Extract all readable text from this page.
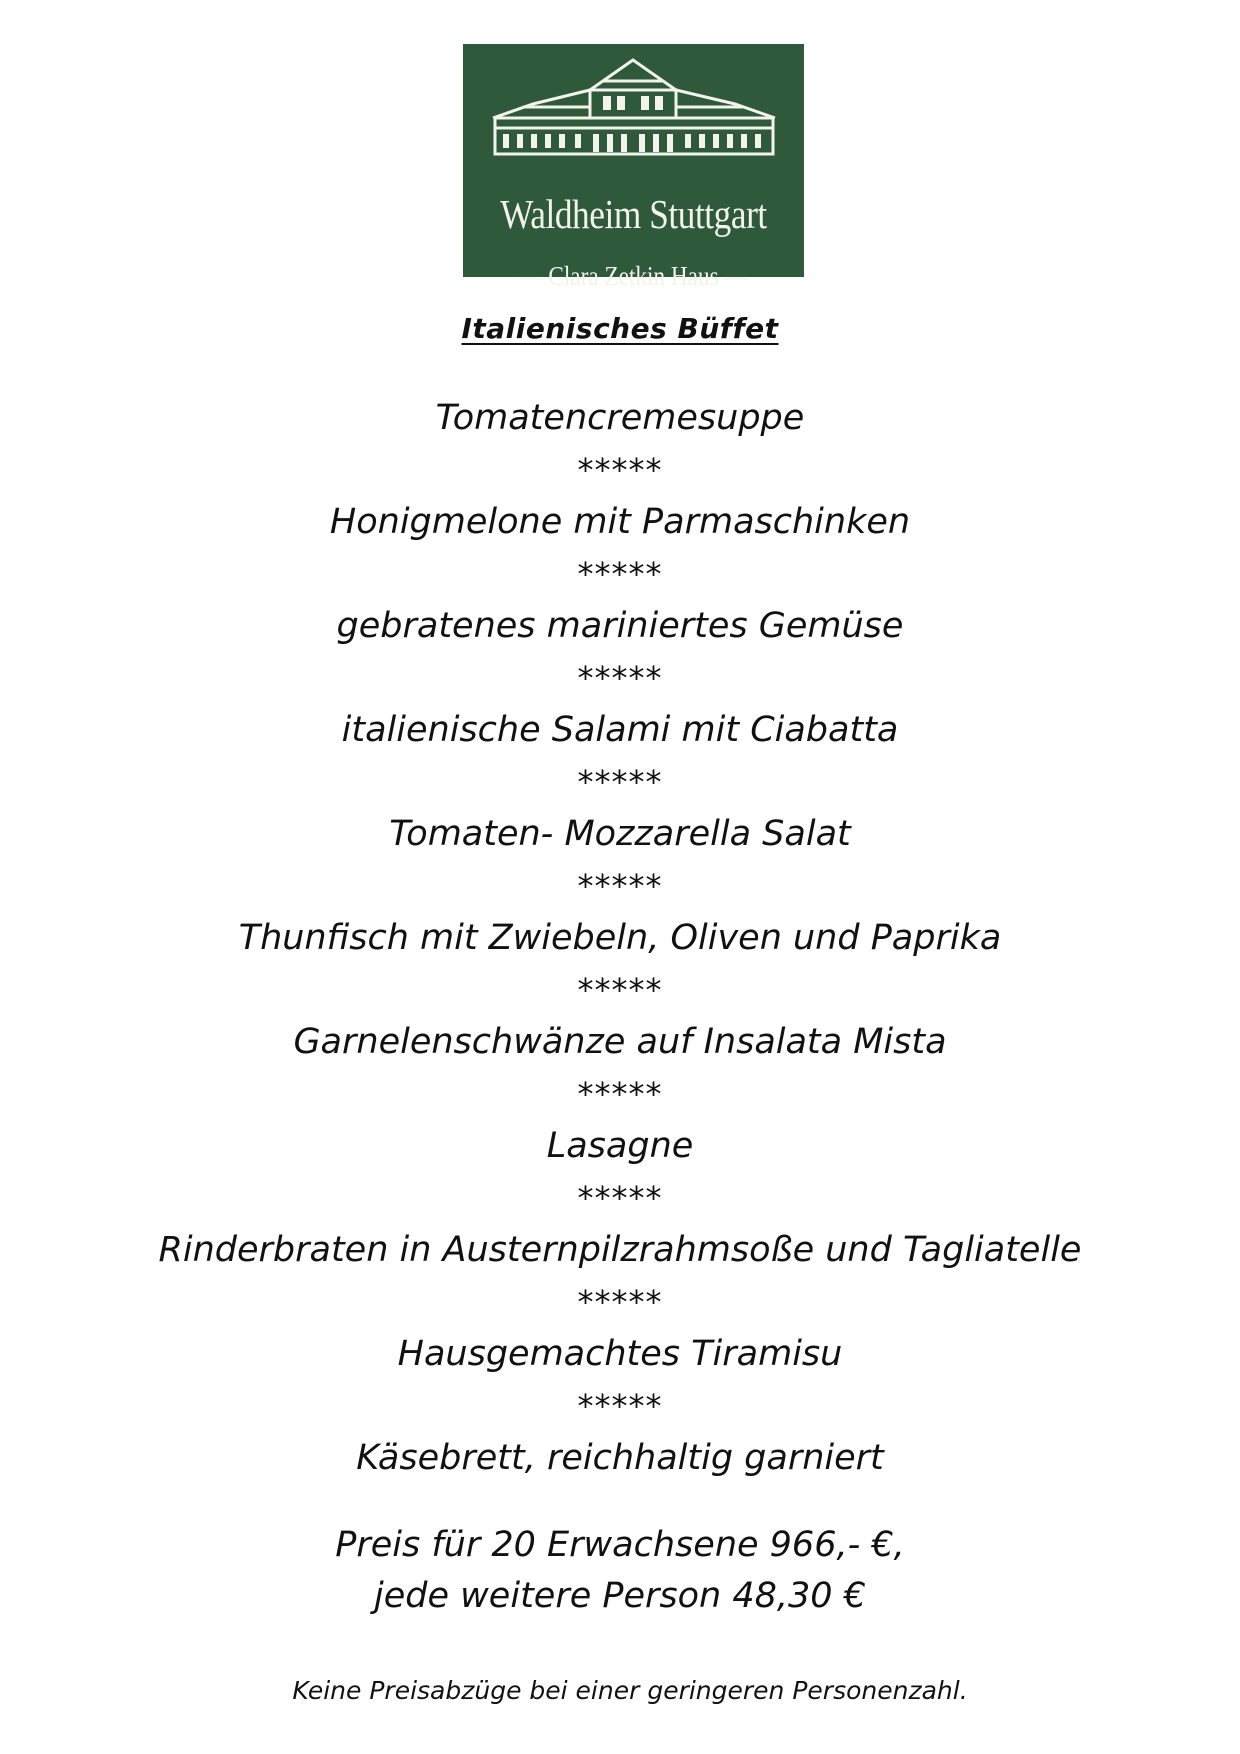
Waldheim Stuttgart
— Clara Zetkin Haus —
Italienisches Büffet
Tomatencremesuppe
*****
Honigmelone mit Parmaschinken
*****
gebratenes mariniertes Gemüse
*****
italienische Salami mit Ciabatta
*****
Tomaten- Mozzarella Salat
*****
Thunfisch mit Zwiebeln, Oliven und Paprika
*****
Garnelenschwänze auf Insalata Mista
*****
Lasagne
*****
Rinderbraten in Austernpilzrahmsoße und Tagliatelle
*****
Hausgemachtes Tiramisu
*****
Käsebrett, reichhaltig garniert
Preis für 20 Erwachsene 966,- €,
jede weitere Person 48,30 €
Keine Preisabzüge bei einer geringeren Personenzahl.
